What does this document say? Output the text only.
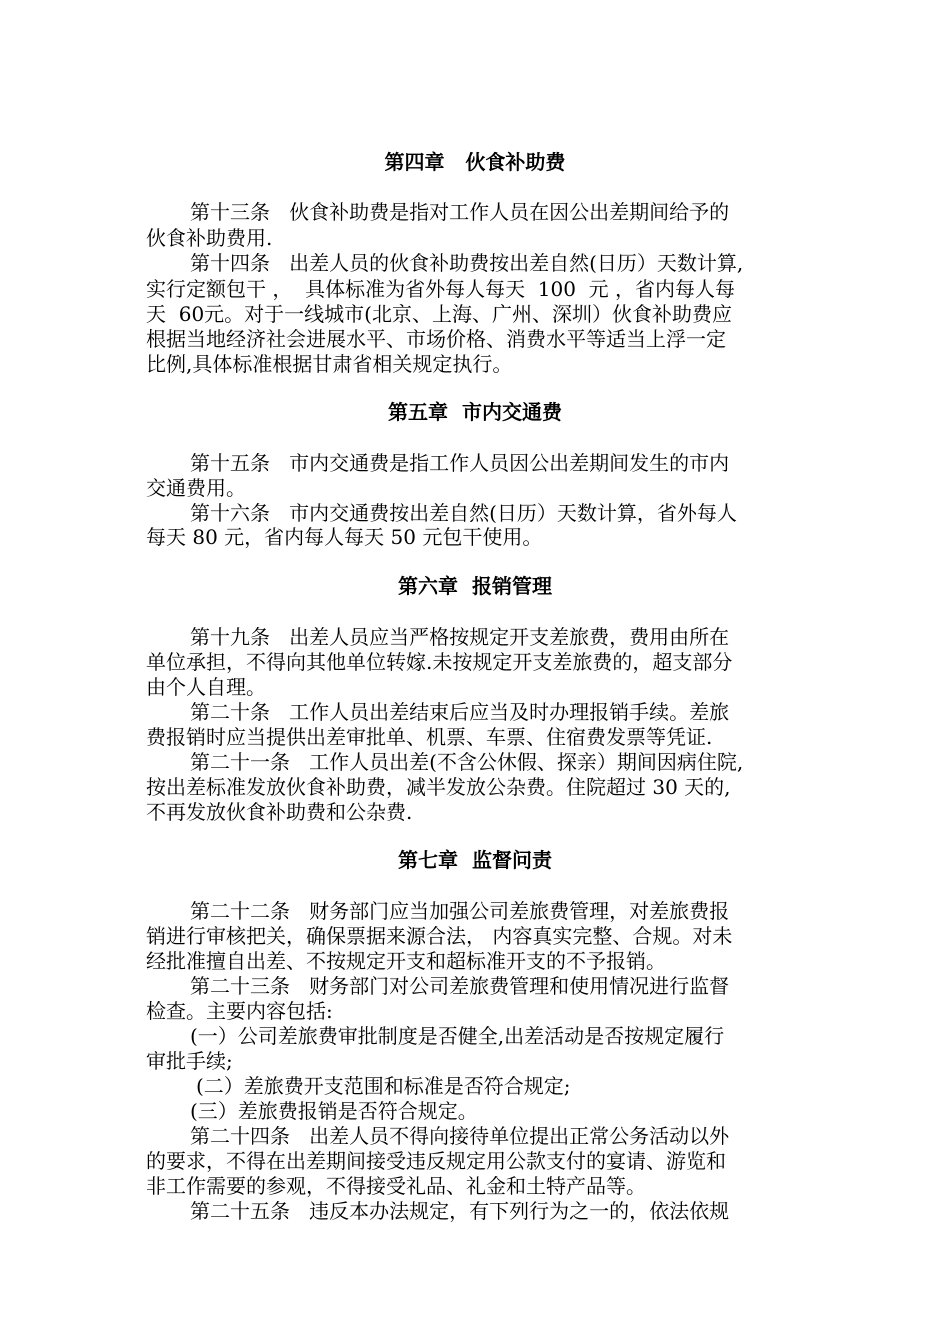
第四章   伙食补助费
第十三条   伙食补助费是指对工作人员在因公出差期间给予的
伙食补助费用.
第十四条   出差人员的伙食补助费按出差自然(日历）天数计算,
实行定额包干 ，  具体标准为省外每人每天  100  元 ，省内每人每
天  60元。对于一线城市(北京、上海、广州、深圳）伙食补助费应
根据当地经济社会进展水平、市场价格、消费水平等适当上浮一定
比例,具体标准根据甘肃省相关规定执行。
第五章  市内交通费
第十五条   市内交通费是指工作人员因公出差期间发生的市内
交通费用。
第十六条   市内交通费按出差自然(日历）天数计算，省外每人
每天 80 元，省内每人每天 50 元包干使用。
第六章  报销管理
第十九条   出差人员应当严格按规定开支差旅费，费用由所在
单位承担，不得向其他单位转嫁.未按规定开支差旅费的，超支部分
由个人自理。
第二十条   工作人员出差结束后应当及时办理报销手续。差旅
费报销时应当提供出差审批单、机票、车票、住宿费发票等凭证.
第二十一条   工作人员出差(不含公休假、探亲）期间因病住院,
按出差标准发放伙食补助费，减半发放公杂费。住院超过 30 天的,
不再发放伙食补助费和公杂费.
第七章  监督问责
第二十二条   财务部门应当加强公司差旅费管理，对差旅费报
销进行审核把关，确保票据来源合法， 内容真实完整、合规。对未
经批准擅自出差、不按规定开支和超标准开支的不予报销。
第二十三条   财务部门对公司差旅费管理和使用情况进行监督
检查。主要内容包括:
(一）公司差旅费审批制度是否健全,出差活动是否按规定履行
审批手续;
(二）差旅费开支范围和标准是否符合规定;
(三）差旅费报销是否符合规定。
第二十四条   出差人员不得向接待单位提出正常公务活动以外
的要求，不得在出差期间接受违反规定用公款支付的宴请、游览和
非工作需要的参观，不得接受礼品、礼金和土特产品等。
第二十五条   违反本办法规定，有下列行为之一的，依法依规
